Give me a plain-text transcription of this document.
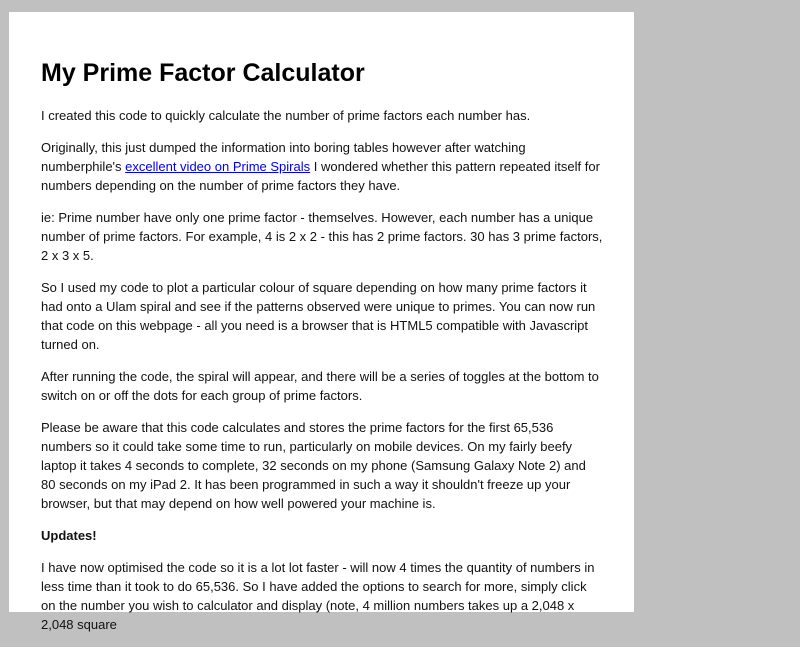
My Prime Factor Calculator

I created this code to quickly calculate the number of prime factors each number has.

Originally, this just dumped the information into boring tables however after watching numberphile's excellent video on Prime Spirals I wondered whether this pattern repeated itself for numbers depending on the number of prime factors they have.

ie: Prime number have only one prime factor - themselves. However, each number has a unique number of prime factors. For example, 4 is 2 x 2 - this has 2 prime factors. 30 has 3 prime factors, 2 x 3 x 5.

So I used my code to plot a particular colour of square depending on how many prime factors it had onto a Ulam spiral and see if the patterns observed were unique to primes. You can now run that code on this webpage - all you need is a browser that is HTML5 compatible with Javascript turned on.

After running the code, the spiral will appear, and there will be a series of toggles at the bottom to switch on or off the dots for each group of prime factors.

Please be aware that this code calculates and stores the prime factors for the first 65,536 numbers so it could take some time to run, particularly on mobile devices. On my fairly beefy laptop it takes 4 seconds to complete, 32 seconds on my phone (Samsung Galaxy Note 2) and 80 seconds on my iPad 2. It has been programmed in such a way it shouldn't freeze up your browser, but that may depend on how well powered your machine is.

Updates!

I have now optimised the code so it is a lot lot faster - will now 4 times the quantity of numbers in less time than it took to do 65,536. So I have added the options to search for more, simply click on the number you wish to calculator and display (note, 4 million numbers takes up a 2,048 x 2,048 square
